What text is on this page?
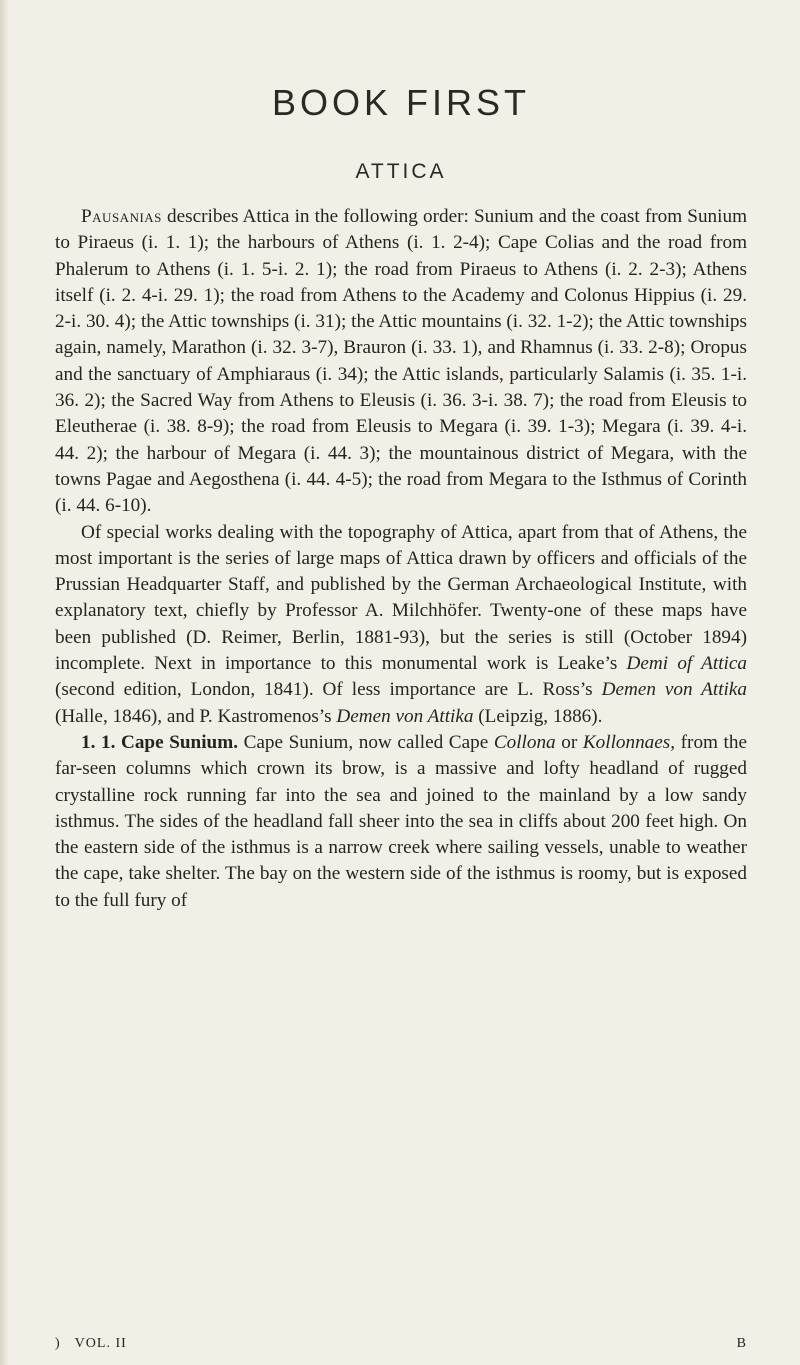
BOOK FIRST
ATTICA

Pausanias describes Attica in the following order: Sunium and the coast from Sunium to Piraeus (i. 1. 1); the harbours of Athens (i. 1. 2-4); Cape Colias and the road from Phalerum to Athens (i. 1. 5-i. 2. 1); the road from Piraeus to Athens (i. 2. 2-3); Athens itself (i. 2. 4-i. 29. 1); the road from Athens to the Academy and Colonus Hippius (i. 29. 2-i. 30. 4); the Attic townships (i. 31); the Attic mountains (i. 32. 1-2); the Attic townships again, namely, Marathon (i. 32. 3-7), Brauron (i. 33. 1), and Rhamnus (i. 33. 2-8); Oropus and the sanctuary of Amphiaraus (i. 34); the Attic islands, particularly Salamis (i. 35. 1-i. 36. 2); the Sacred Way from Athens to Eleusis (i. 36. 3-i. 38. 7); the road from Eleusis to Eleutherae (i. 38. 8-9); the road from Eleusis to Megara (i. 39. 1-3); Megara (i. 39. 4-i. 44. 2); the harbour of Megara (i. 44. 3); the mountainous district of Megara, with the towns Pagae and Aegosthena (i. 44. 4-5); the road from Megara to the Isthmus of Corinth (i. 44. 6-10).

Of special works dealing with the topography of Attica, apart from that of Athens, the most important is the series of large maps of Attica drawn by officers and officials of the Prussian Headquarter Staff, and published by the German Archaeological Institute, with explanatory text, chiefly by Professor A. Milchhöfer. Twenty-one of these maps have been published (D. Reimer, Berlin, 1881-93), but the series is still (October 1894) incomplete. Next in importance to this monumental work is Leake’s Demi of Attica (second edition, London, 1841). Of less importance are L. Ross’s Demen von Attika (Halle, 1846), and P. Kastromenos’s Demen von Attika (Leipzig, 1886).

1. 1. Cape Sunium. Cape Sunium, now called Cape Collona or Kollonnaes, from the far-seen columns which crown its brow, is a massive and lofty headland of rugged crystalline rock running far into the sea and joined to the mainland by a low sandy isthmus. The sides of the headland fall sheer into the sea in cliffs about 200 feet high. On the eastern side of the isthmus is a narrow creek where sailing vessels, unable to weather the cape, take shelter. The bay on the western side of the isthmus is roomy, but is exposed to the full fury of

) VOL. II	B
